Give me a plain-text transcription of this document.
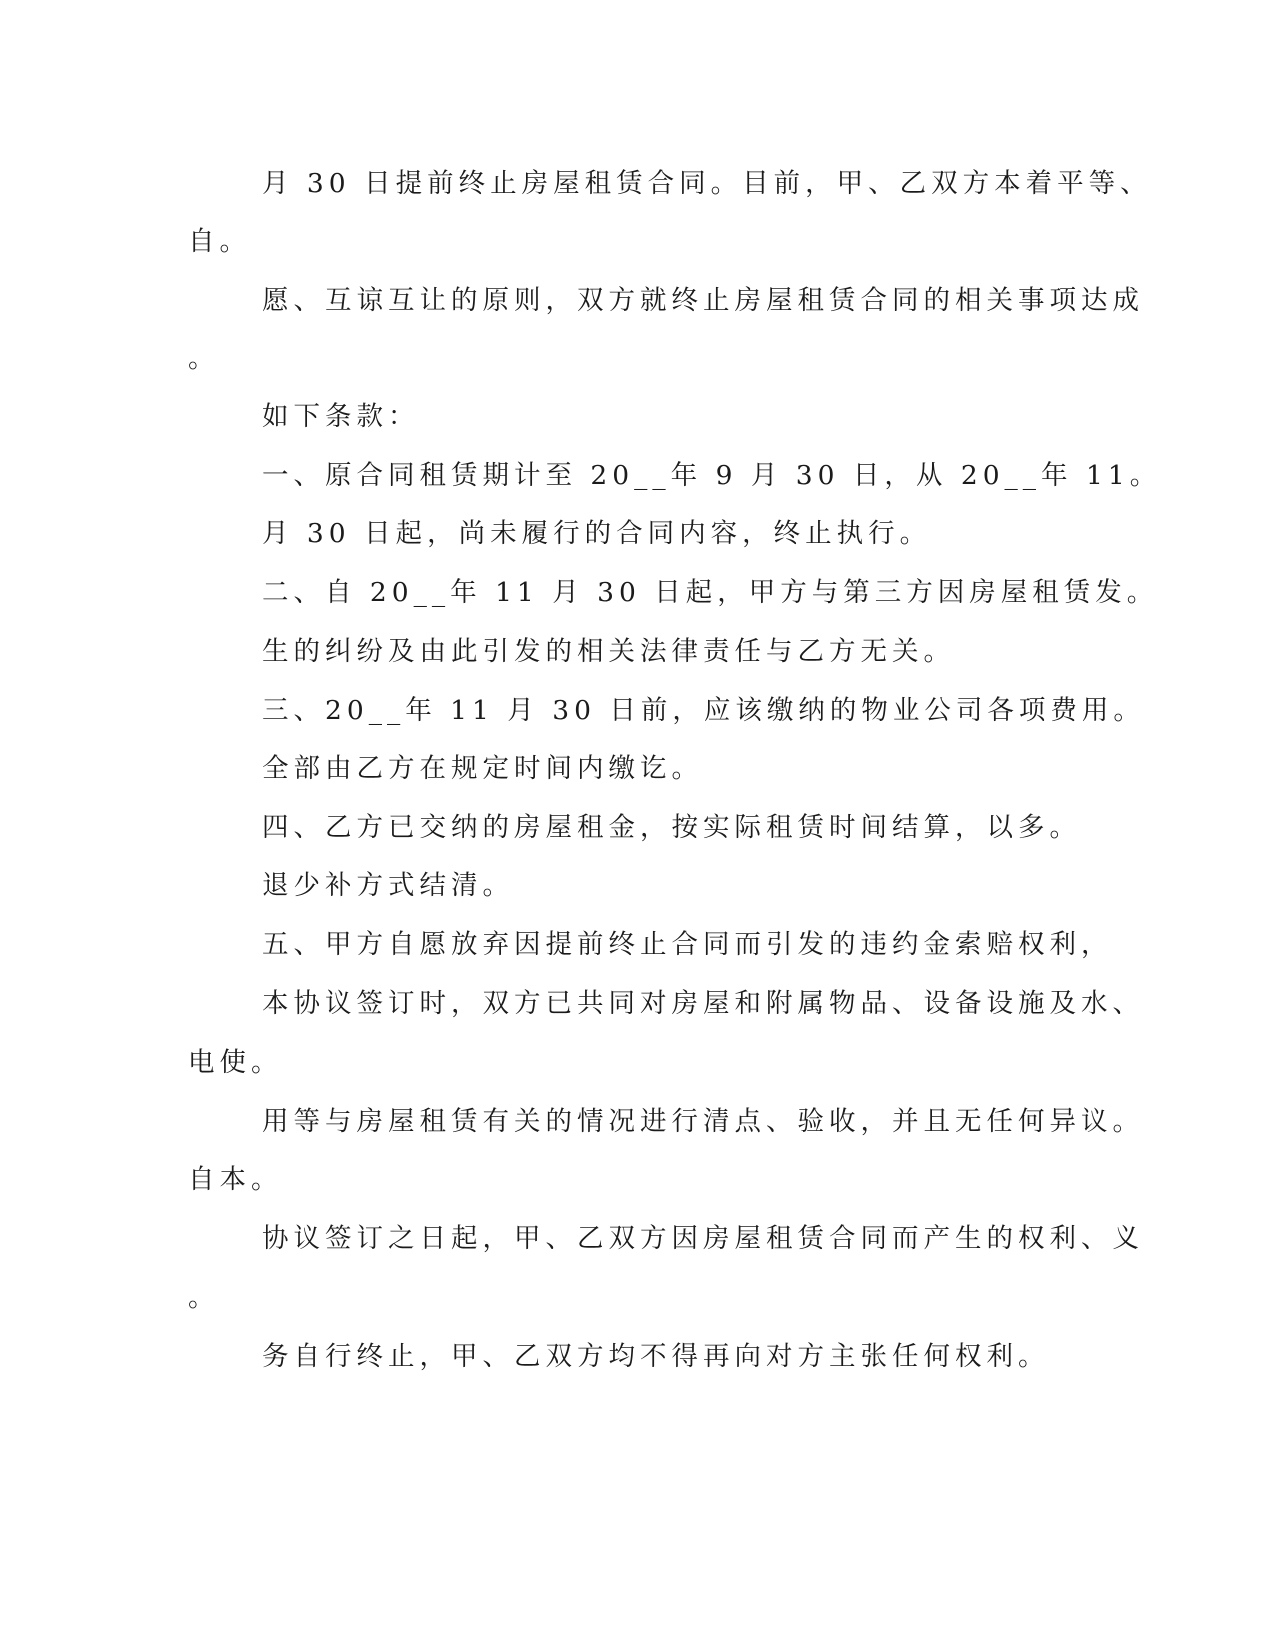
月 30 日提前终止房屋租赁合同。目前，甲、乙双方本着平等、
自。
愿、互谅互让的原则，双方就终止房屋租赁合同的相关事项达成
。
如下条款：
一、原合同租赁期计至 20__年 9 月 30 日，从 20__年 11。
月 30 日起，尚未履行的合同内容，终止执行。
二、自 20__年 11 月 30 日起，甲方与第三方因房屋租赁发。
生的纠纷及由此引发的相关法律责任与乙方无关。
三、20__年 11 月 30 日前，应该缴纳的物业公司各项费用。
全部由乙方在规定时间内缴讫。
四、乙方已交纳的房屋租金，按实际租赁时间结算，以多。
退少补方式结清。
五、甲方自愿放弃因提前终止合同而引发的违约金索赔权利，
本协议签订时，双方已共同对房屋和附属物品、设备设施及水、
电使。
用等与房屋租赁有关的情况进行清点、验收，并且无任何异议。
自本。
协议签订之日起，甲、乙双方因房屋租赁合同而产生的权利、义
。
务自行终止，甲、乙双方均不得再向对方主张任何权利。
